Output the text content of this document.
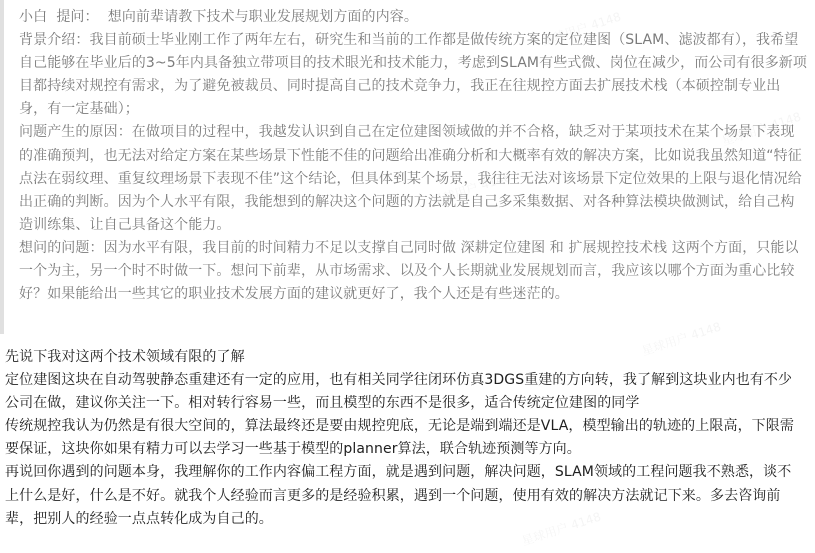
小白 提问： 想向前辈请教下技术与职业发展规划方面的内容。

背景介绍：我目前硕士毕业刚工作了两年左右，研究生和当前的工作都是做传统方案的定位建图（SLAM、滤波都有），我希望自己能够在毕业后的3~5年内具备独立带项目的技术眼光和技术能力，考虑到SLAM有些式微、岗位在减少，而公司有很多新项目都持续对规控有需求，为了避免被裁员、同时提高自己的技术竞争力，我正在往规控方面去扩展技术栈（本硕控制专业出身，有一定基础）；

问题产生的原因：在做项目的过程中，我越发认识到自己在定位建图领域做的并不合格，缺乏对于某项技术在某个场景下表现的准确预判，也无法对给定方案在某些场景下性能不佳的问题给出准确分析和大概率有效的解决方案，比如说我虽然知道“特征点法在弱纹理、重复纹理场景下表现不佳”这个结论，但具体到某个场景，我往往无法对该场景下定位效果的上限与退化情况给出正确的判断。因为个人水平有限，我能想到的解决这个问题的方法就是自己多采集数据、对各种算法模块做测试，给自己构造训练集、让自己具备这个能力。

想问的问题：因为水平有限，我目前的时间精力不足以支撑自己同时做 深耕定位建图 和 扩展规控技术栈 这两个方面，只能以一个为主，另一个时不时做一下。想问下前辈，从市场需求、以及个人长期就业发展规划而言，我应该以哪个方面为重心比较好？如果能给出一些其它的职业技术发展方面的建议就更好了，我个人还是有些迷茫的。

先说下我对这两个技术领域有限的了解

定位建图这块在自动驾驶静态重建还有一定的应用，也有相关同学往闭环仿真3DGS重建的方向转，我了解到这块业内也有不少公司在做，建议你关注一下。相对转行容易一些，而且模型的东西不是很多，适合传统定位建图的同学

传统规控我认为仍然是有很大空间的，算法最终还是要由规控兜底，无论是端到端还是VLA，模型输出的轨迹的上限高，下限需要保证，这块你如果有精力可以去学习一些基于模型的planner算法，联合轨迹预测等方向。

再说回你遇到的问题本身，我理解你的工作内容偏工程方面，就是遇到问题，解决问题，SLAM领域的工程问题我不熟悉，谈不上什么是好，什么是不好。就我个人经验而言更多的是经验积累，遇到一个问题，使用有效的解决方法就记下来。多去咨询前辈，把别人的经验一点点转化成为自己的。
